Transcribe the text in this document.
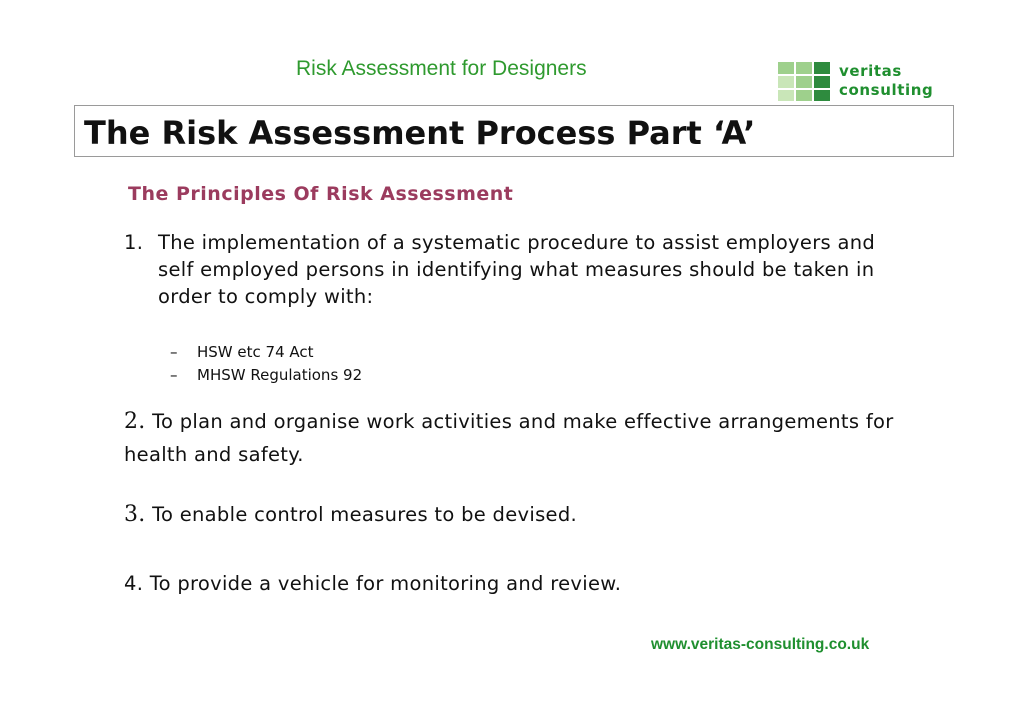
Risk Assessment for Designers	veritas
consulting
The Risk Assessment Process Part ‘A’
The Principles Of Risk Assessment
1. The implementation of a systematic procedure to assist employers and self employed persons in identifying what measures should be taken in order to comply with:
– HSW etc 74 Act
– MHSW Regulations 92
2. To plan and organise work activities and make effective arrangements for health and safety.
3. To enable control measures to be devised.
4. To provide a vehicle for monitoring and review.
www.veritas-consulting.co.uk
